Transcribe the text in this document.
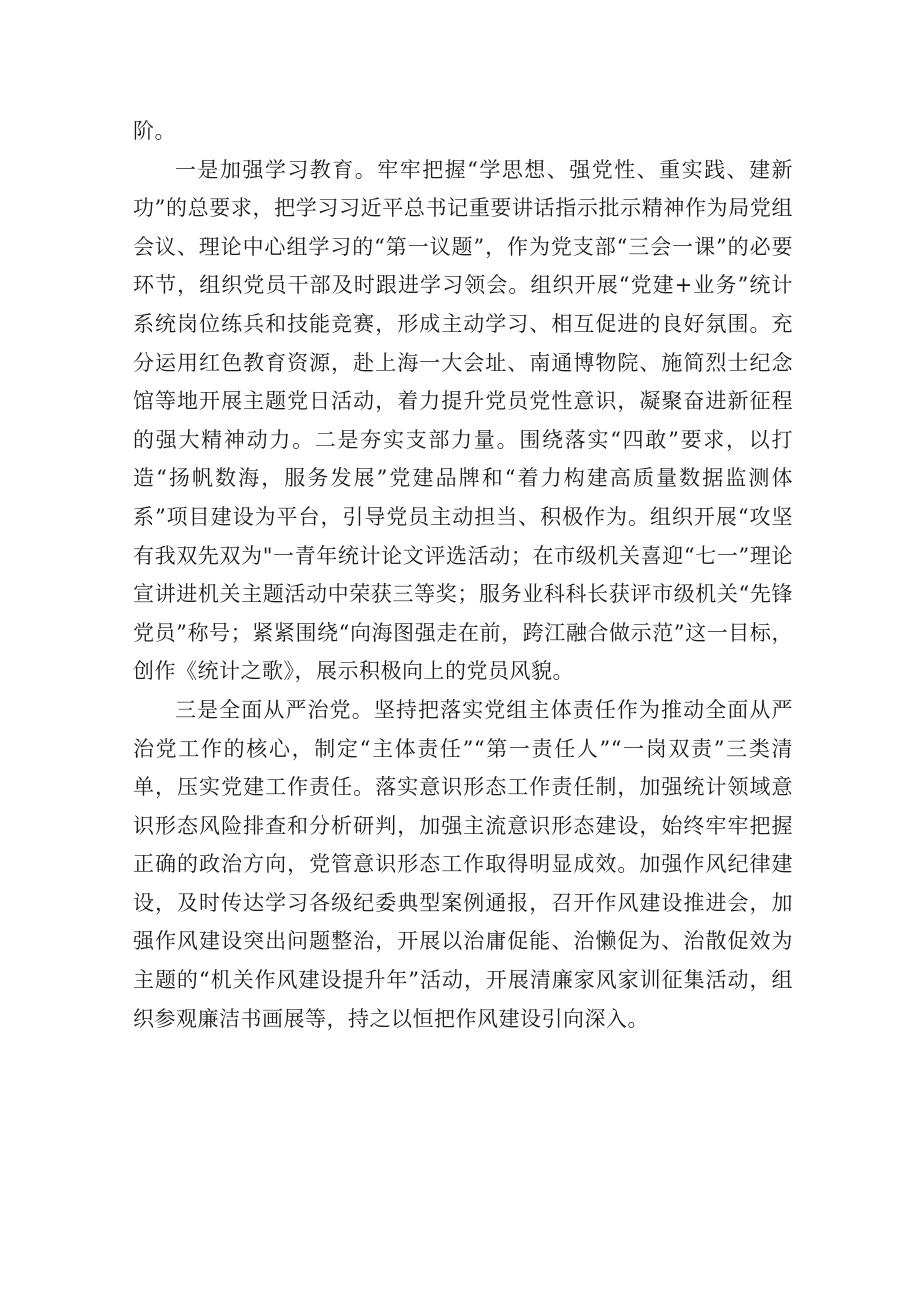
阶。

一是加强学习教育。牢牢把握“学思想、强党性、重实践、建新功”的总要求，把学习习近平总书记重要讲话指示批示精神作为局党组会议、理论中心组学习的“第一议题”，作为党支部“三会一课”的必要环节，组织党员干部及时跟进学习领会。组织开展“党建+业务”统计系统岗位练兵和技能竞赛，形成主动学习、相互促进的良好氛围。充分运用红色教育资源，赴上海一大会址、南通博物院、施简烈士纪念馆等地开展主题党日活动，着力提升党员党性意识，凝聚奋进新征程的强大精神动力。二是夯实支部力量。围绕落实“四敢”要求，以打造“扬帆数海，服务发展”党建品牌和“着力构建高质量数据监测体系”项目建设为平台，引导党员主动担当、积极作为。组织开展“攻坚有我双先双为"一青年统计论文评选活动；在市级机关喜迎“七一”理论宣讲进机关主题活动中荣获三等奖；服务业科科长获评市级机关“先锋党员”称号；紧紧围绕“向海图强走在前，跨江融合做示范”这一目标，创作《统计之歌》，展示积极向上的党员风貌。

三是全面从严治党。坚持把落实党组主体责任作为推动全面从严治党工作的核心，制定“主体责任”“第一责任人”“一岗双责”三类清单，压实党建工作责任。落实意识形态工作责任制，加强统计领域意识形态风险排查和分析研判，加强主流意识形态建设，始终牢牢把握正确的政治方向，党管意识形态工作取得明显成效。加强作风纪律建设，及时传达学习各级纪委典型案例通报，召开作风建设推进会，加强作风建设突出问题整治，开展以治庸促能、治懒促为、治散促效为主题的“机关作风建设提升年”活动，开展清廉家风家训征集活动，组织参观廉洁书画展等，持之以恒把作风建设引向深入。
